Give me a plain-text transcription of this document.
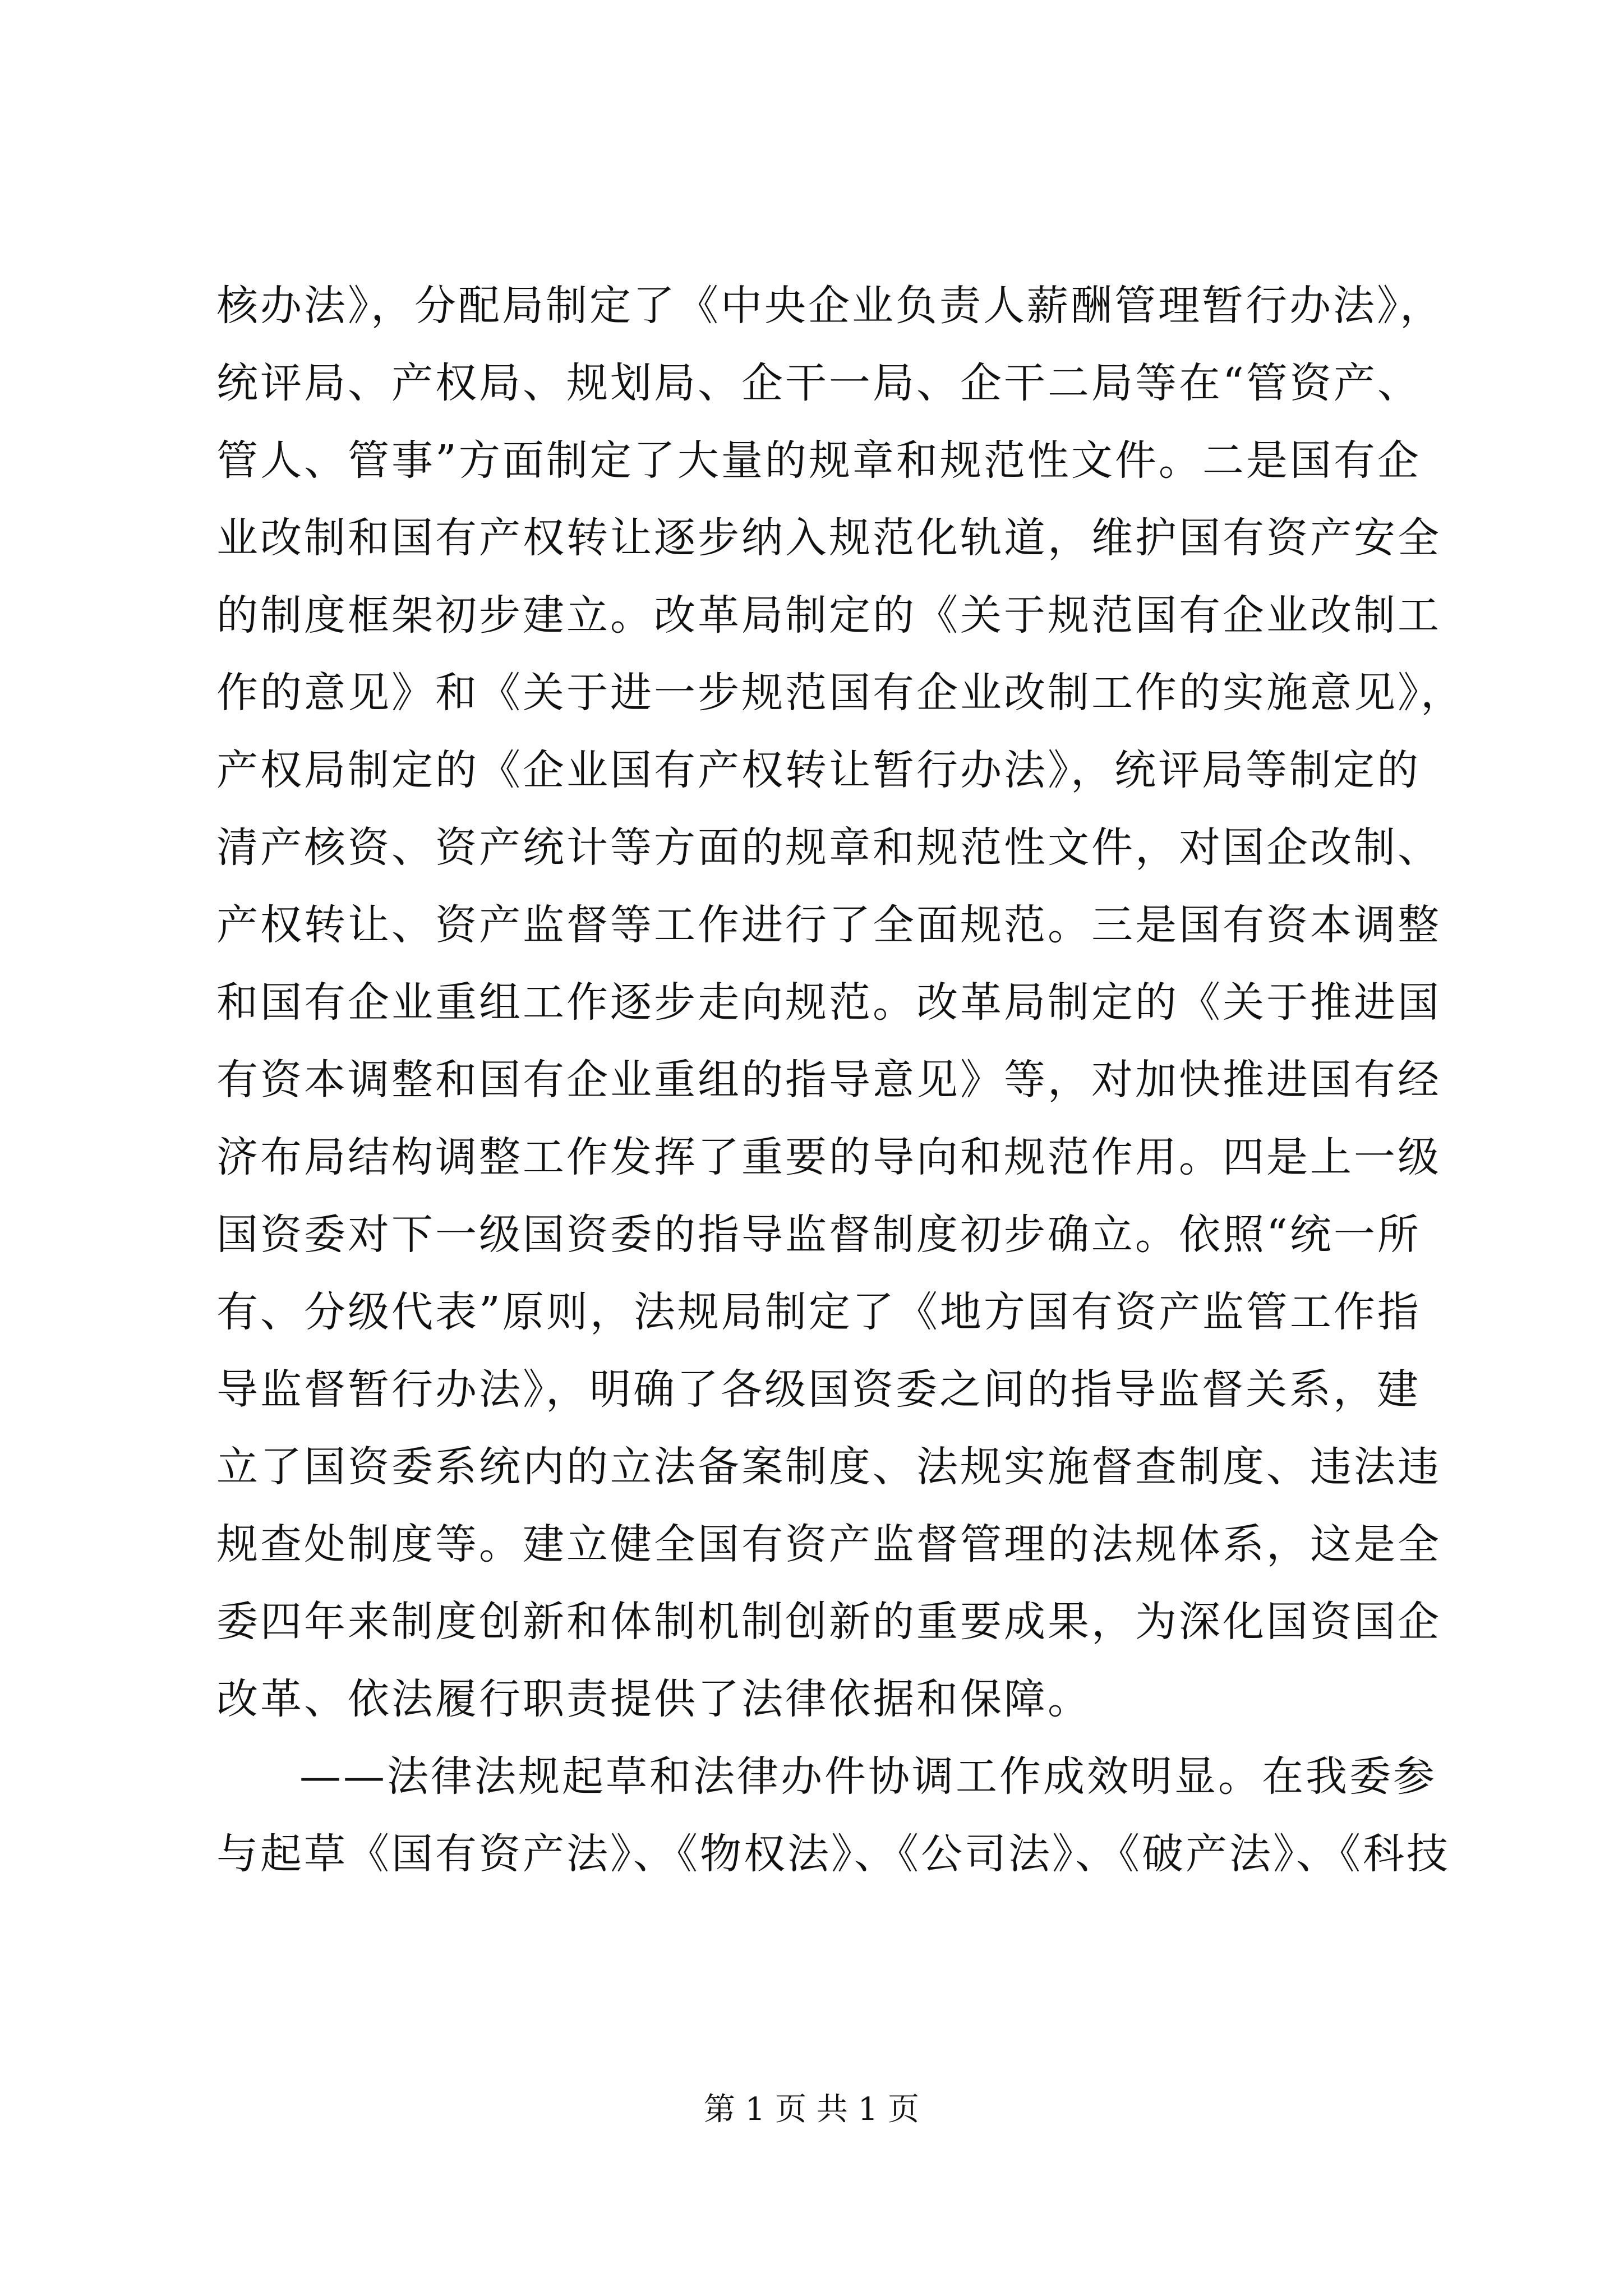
核办法》，分配局制定了《中央企业负责人薪酬管理暂行办法》，
统评局、产权局、规划局、企干一局、企干二局等在“管资产、
管人、管事”方面制定了大量的规章和规范性文件。二是国有企
业改制和国有产权转让逐步纳入规范化轨道，维护国有资产安全
的制度框架初步建立。改革局制定的《关于规范国有企业改制工
作的意见》和《关于进一步规范国有企业改制工作的实施意见》，
产权局制定的《企业国有产权转让暂行办法》，统评局等制定的
清产核资、资产统计等方面的规章和规范性文件，对国企改制、
产权转让、资产监督等工作进行了全面规范。三是国有资本调整
和国有企业重组工作逐步走向规范。改革局制定的《关于推进国
有资本调整和国有企业重组的指导意见》等，对加快推进国有经
济布局结构调整工作发挥了重要的导向和规范作用。四是上一级
国资委对下一级国资委的指导监督制度初步确立。依照“统一所
有、分级代表”原则，法规局制定了《地方国有资产监管工作指
导监督暂行办法》，明确了各级国资委之间的指导监督关系，建
立了国资委系统内的立法备案制度、法规实施督查制度、违法违
规查处制度等。建立健全国有资产监督管理的法规体系，这是全
委四年来制度创新和体制机制创新的重要成果，为深化国资国企
改革、依法履行职责提供了法律依据和保障。
——法律法规起草和法律办件协调工作成效明显。在我委参
与起草《国有资产法》、《物权法》、《公司法》、《破产法》、《科技
第 1 页 共 1 页
